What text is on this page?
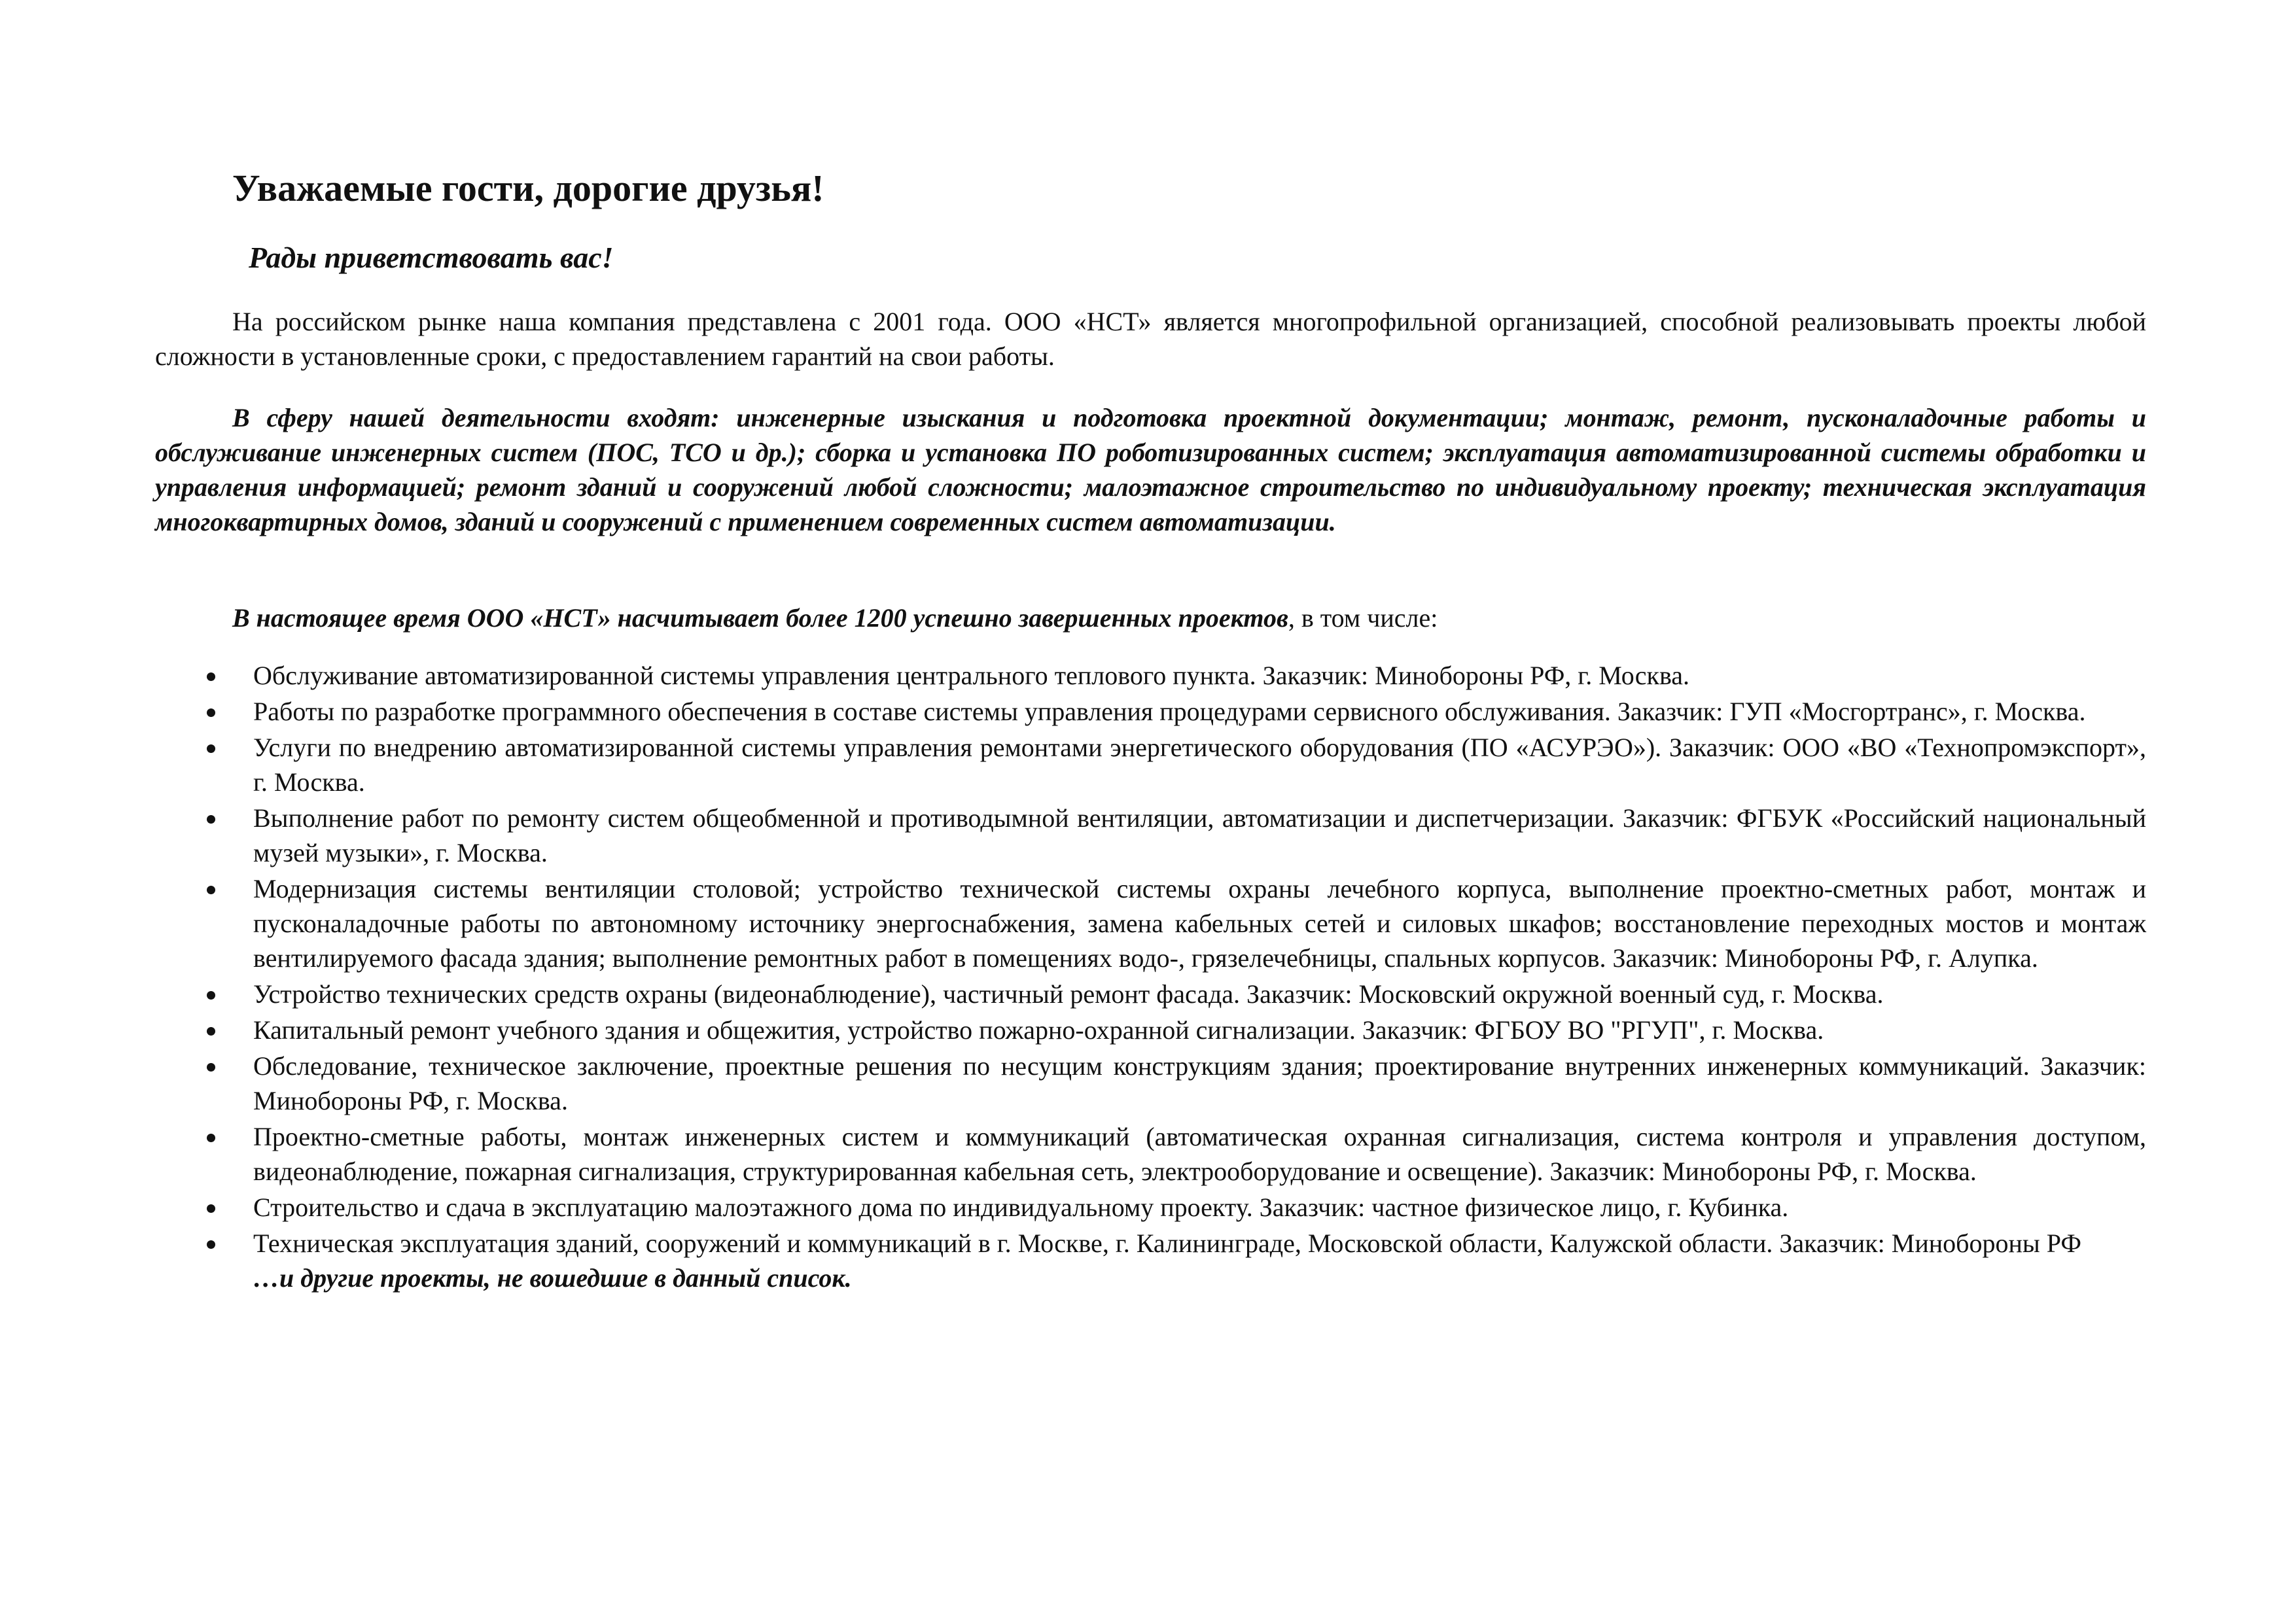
Уважаемые гости, дорогие друзья!

Рады приветствовать вас!

На российском рынке наша компания представлена с 2001 года. ООО «НСТ» является многопрофильной организацией, способной реализовывать проекты любой сложности в установленные сроки, с предоставлением гарантий на свои работы.

В сферу нашей деятельности входят: инженерные изыскания и подготовка проектной документации; монтаж, ремонт, пусконаладочные работы и обслуживание инженерных систем (ПОС, ТСО и др.); сборка и установка ПО роботизированных систем; эксплуатация автоматизированной системы обработки и управления информацией; ремонт зданий и сооружений любой сложности; малоэтажное строительство по индивидуальному проекту; техническая эксплуатация многоквартирных домов, зданий и сооружений с применением современных систем автоматизации.

В настоящее время ООО «НСТ» насчитывает более 1200 успешно завершенных проектов, в том числе:

Обслуживание автоматизированной системы управления центрального теплового пункта. Заказчик: Минобороны РФ, г. Москва.
Работы по разработке программного обеспечения в составе системы управления процедурами сервисного обслуживания. Заказчик: ГУП «Мосгортранс», г. Москва.
Услуги по внедрению автоматизированной системы управления ремонтами энергетического оборудования (ПО «АСУРЭО»). Заказчик: ООО «ВО «Технопромэкспорт», г. Москва.
Выполнение работ по ремонту систем общеобменной и противодымной вентиляции, автоматизации и диспетчеризации. Заказчик: ФГБУК «Российский национальный музей музыки», г. Москва.
Модернизация системы вентиляции столовой; устройство технической системы охраны лечебного корпуса, выполнение проектно-сметных работ, монтаж и пусконаладочные работы по автономному источнику энергоснабжения, замена кабельных сетей и силовых шкафов; восстановление переходных мостов и монтаж вентилируемого фасада здания; выполнение ремонтных работ в помещениях водо-, грязелечебницы, спальных корпусов. Заказчик: Минобороны РФ, г. Алупка.
Устройство технических средств охраны (видеонаблюдение), частичный ремонт фасада. Заказчик: Московский окружной военный суд, г. Москва.
Капитальный ремонт учебного здания и общежития, устройство пожарно-охранной сигнализации. Заказчик: ФГБОУ ВО "РГУП", г. Москва.
Обследование, техническое заключение, проектные решения по несущим конструкциям здания; проектирование внутренних инженерных коммуникаций. Заказчик: Минобороны РФ, г. Москва.
Проектно-сметные работы, монтаж инженерных систем и коммуникаций (автоматическая охранная сигнализация, система контроля и управления доступом, видеонаблюдение, пожарная сигнализация, структурированная кабельная сеть, электрооборудование и освещение). Заказчик: Минобороны РФ, г. Москва.
Строительство и сдача в эксплуатацию малоэтажного дома по индивидуальному проекту. Заказчик: частное физическое лицо, г. Кубинка.
Техническая эксплуатация зданий, сооружений и коммуникаций в г. Москве, г. Калининграде, Московской области, Калужской области. Заказчик: Минобороны РФ

…и другие проекты, не вошедшие в данный список.
